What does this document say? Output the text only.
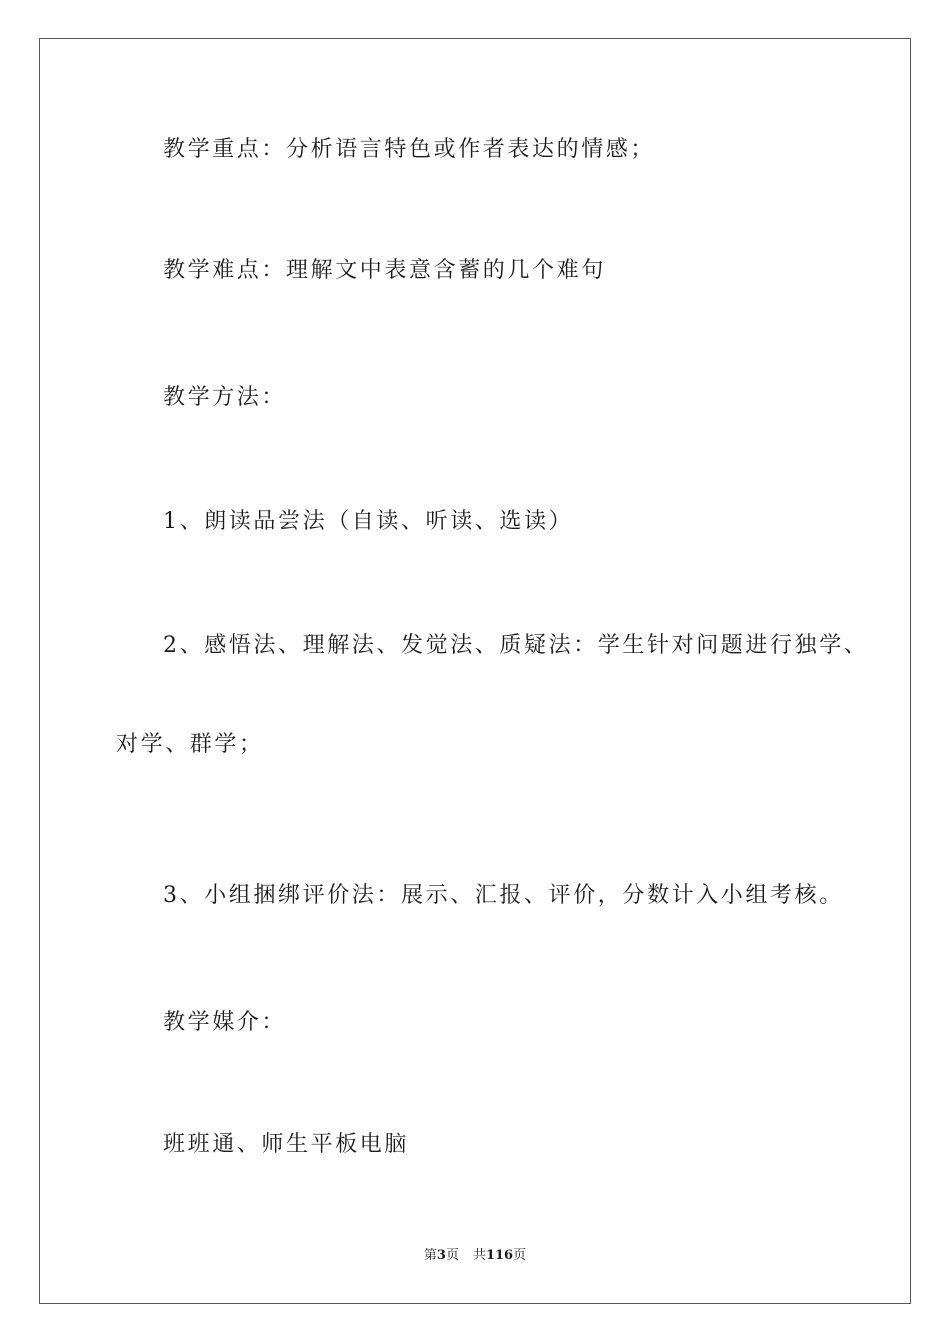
教学重点：分析语言特色或作者表达的情感；
教学难点：理解文中表意含蓄的几个难句
教学方法：
1、朗读品尝法（自读、听读、选读）
2、感悟法、理解法、发觉法、质疑法：学生针对问题进行独学、
对学、群学；
3、小组捆绑评价法：展示、汇报、评价，分数计入小组考核。
教学媒介：
班班通、师生平板电脑
第3页 共116页
